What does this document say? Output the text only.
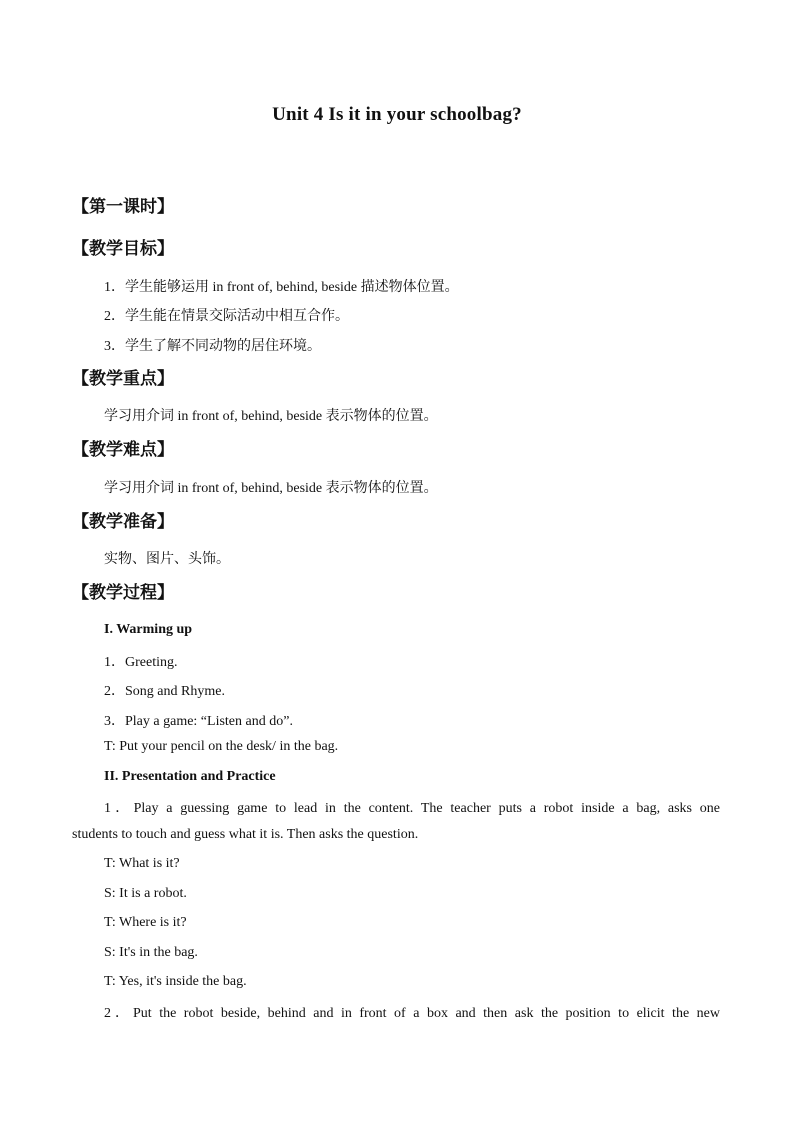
Unit 4 Is it in your schoolbag?
【第一课时】
【教学目标】
1．学生能够运用 in front of, behind, beside 描述物体位置。
2．学生能在情景交际活动中相互合作。
3．学生了解不同动物的居住环境。
【教学重点】
学习用介词 in front of, behind, beside 表示物体的位置。
【教学难点】
学习用介词 in front of, behind, beside 表示物体的位置。
【教学准备】
实物、图片、头饰。
【教学过程】
I. Warming up
1．Greeting.
2．Song and Rhyme.
3．Play a game: “Listen and do”.
T: Put your pencil on the desk/ in the bag.
II. Presentation and Practice
1．Play a guessing game to lead in the content. The teacher puts a robot inside a bag, asks one
students to touch and guess what it is. Then asks the question.
T: What is it?
S: It is a robot.
T: Where is it?
S: It's in the bag.
T: Yes, it's inside the bag.
2．Put the robot beside, behind and in front of a box and then ask the position to elicit the new
